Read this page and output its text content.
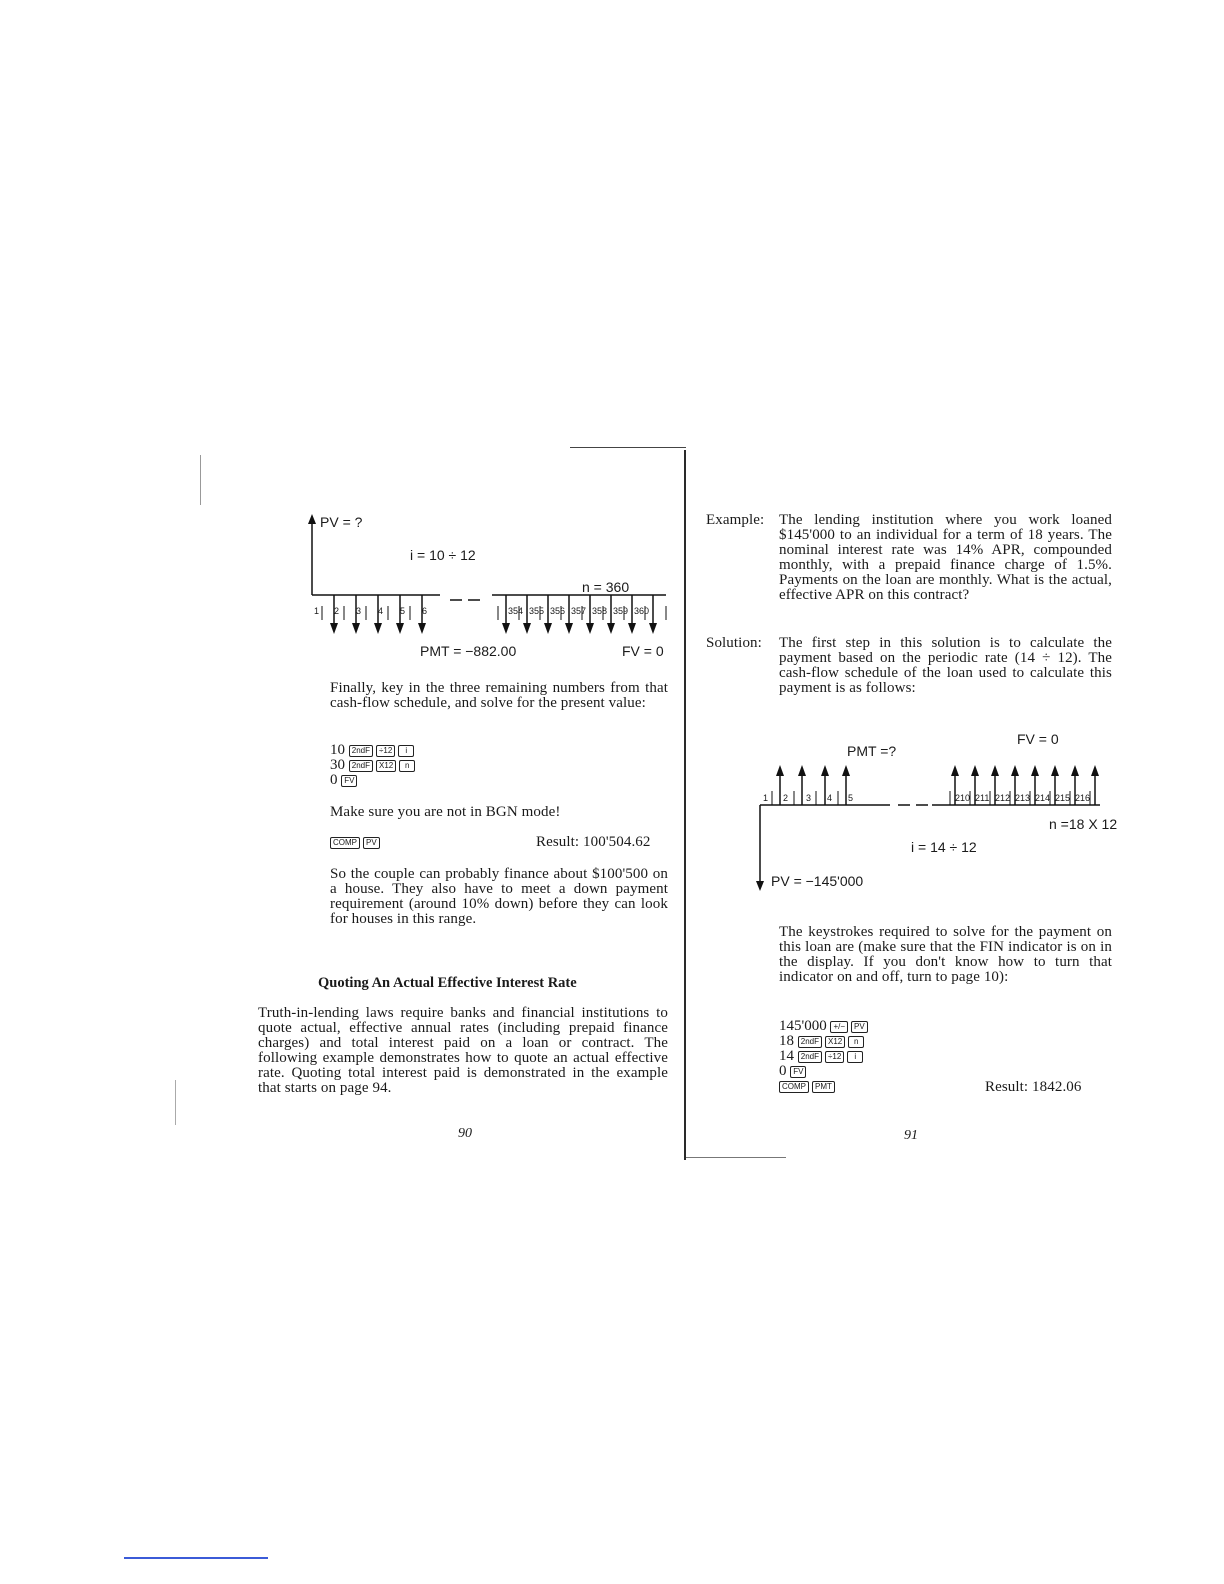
PV = ?
i = 10 ÷ 12
n = 360
1 2 3 4 5 6	354 355 356 357 358 359 360
PMT = −882.00	FV = 0
Finally, key in the three remaining numbers from that cash-flow schedule, and solve for the present value:
10 2ndF ÷12 i
30 2ndF X12 n
0 FV
Make sure you are not in BGN mode!
COMP PV	Result: 100'504.62
So the couple can probably finance about $100'500 on a house. They also have to meet a down payment requirement (around 10% down) before they can look for houses in this range.
Quoting An Actual Effective Interest Rate
Truth-in-lending laws require banks and financial institutions to quote actual, effective annual rates (including prepaid finance charges) and total interest paid on a loan or contract. The following example demonstrates how to quote an actual effective rate. Quoting total interest paid is demonstrated in the example that starts on page 94.
90
Example: The lending institution where you work loaned $145'000 to an individual for a term of 18 years. The nominal interest rate was 14% APR, compounded monthly, with a prepaid finance charge of 1.5%. Payments on the loan are monthly. What is the actual, effective APR on this contract?
Solution: The first step in this solution is to calculate the payment based on the periodic rate (14 ÷ 12). The cash-flow schedule of the loan used to calculate this payment is as follows:
FV = 0
PMT =?
1 2 3 4 5	210 211 212 213 214 215 216
n =18 X 12
i = 14 ÷ 12
PV = −145'000
The keystrokes required to solve for the payment on this loan are (make sure that the FIN indicator is on in the display. If you don't know how to turn that indicator on and off, turn to page 10):
145'000 +/− PV
18 2ndF X12 n
14 2ndF ÷12 i
0 FV
COMP PMT	Result: 1842.06
91
